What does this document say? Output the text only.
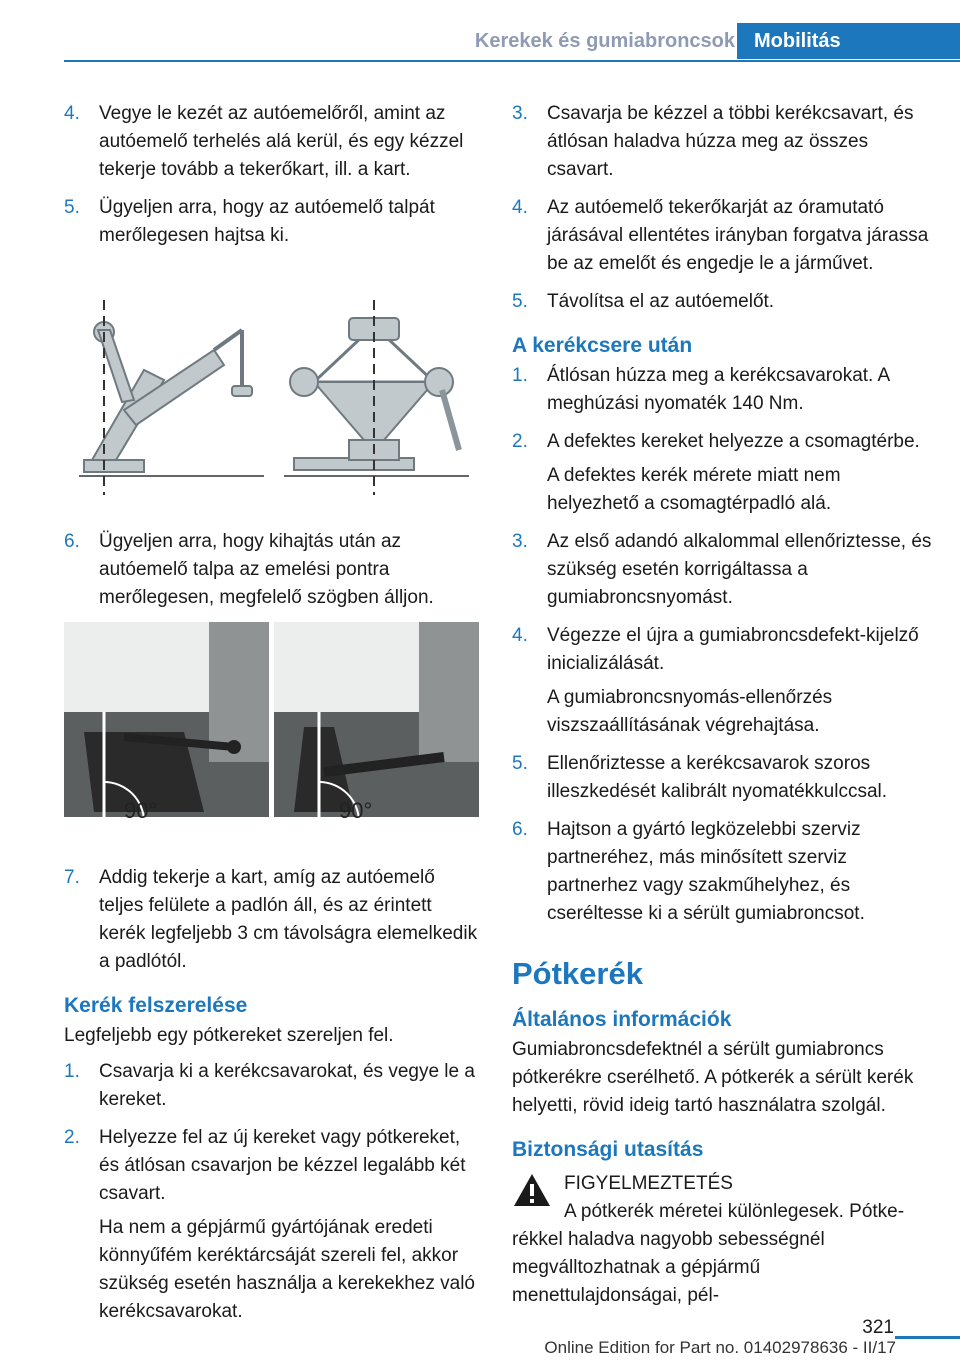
Kerekek és gumiabroncsok Mobilitás
4.	Vegye le kezét az autóemelőről, amint az autóemelő terhelés alá kerül, és egy kézzel tekerje tovább a tekerőkart, ill. a kart.

5.	Ügyeljen arra, hogy az autóemelő talpát merőlegesen hajtsa ki.

6.	Ügyeljen arra, hogy kihajtás után az autóemelő talpa az emelési pontra merőlegesen, megfelelő szögben álljon.

90°	90°
7.	Addig tekerje a kart, amíg az autóemelő teljes felülete a padlón áll, és az érintett kerék legfeljebb 3 cm távolságra elemelkedik a padlótól.

Kerék felszerelése

Legfeljebb egy pótkereket szereljen fel.

1.	Csavarja ki a kerékcsavarokat, és vegye le a kereket.

2.	Helyezze fel az új kereket vagy pótkereket, és átlósan csavarjon be kézzel legalább két csavart.

Ha nem a gépjármű gyártójának eredeti könnyűfém keréktárcsáját szereli fel, akkor szükség esetén használja a kerekekhez való kerékcsavarokat.

3.	Csavarja be kézzel a többi kerékcsavart, és átlósan haladva húzza meg az összes csavart.

4.	Az autóemelő tekerőkarját az óramutató járásával ellentétes irányban forgatva járassa be az emelőt és engedje le a járművet.

5.	Távolítsa el az autóemelőt.

A kerékcsere után
1.	Átlósan húzza meg a kerékcsavarokat. A meghúzási nyomaték 140 Nm.

2.	A defektes kereket helyezze a csomagtérbe.

A defektes kerék mérete miatt nem helyezhető a csomagtérpadló alá.

3.	Az első adandó alkalommal ellenőriztesse, és szükség esetén korrigáltassa a gumiabroncsnyomást.

4.	Végezze el újra a gumiabroncsdefekt-kijelző inicializálását.

A gumiabroncsnyomás-ellenőrzés viszszaállításának végrehajtása.

5.	Ellenőriztesse a kerékcsavarok szoros illeszkedését kalibrált nyomatékkulccsal.

6.	Hajtson a gyártó legközelebbi szerviz partneréhez, más minősített szerviz partnerhez vagy szakműhelyhez, és cseréltesse ki a sérült gumiabroncsot.

Pótkerék
Általános információk

Gumiabroncsdefektnél a sérült gumiabroncs pótkerékre cserélhető. A pótkerék a sérült kerék helyetti, rövid ideig tartó használatra szolgál.

Biztonsági utasítás
FIGYELMEZTETÉS
A pótkerék méretei különlegesek. Pótke-
rékkel haladva nagyobb sebességnél megválltozhatnak a gépjármű menettulajdonságai, pél-
321
Online Edition for Part no. 01402978636 - II/17
